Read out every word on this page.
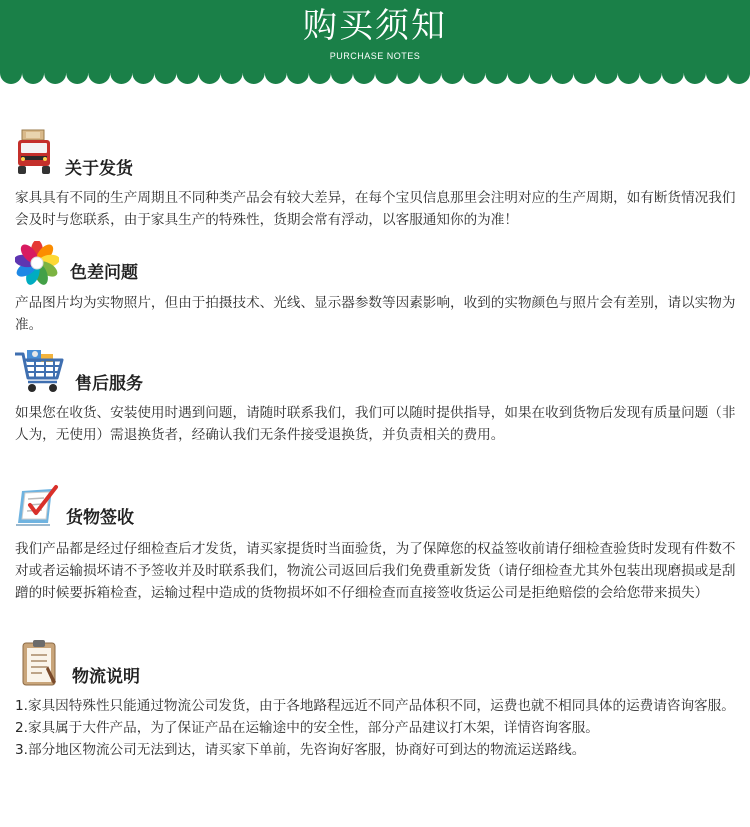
购买须知
PURCHASE NOTES
关于发货

家具具有不同的生产周期且不同种类产品会有较大差异，在每个宝贝信息那里会注明对应的生产周期，如有断货情况我们会及时与您联系，由于家具生产的特殊性，货期会常有浮动，以客服通知你的为准！

色差问题

产品图片均为实物照片，但由于拍摄技术、光线、显示器参数等因素影响，收到的实物颜色与照片会有差别，请以实物为准。

售后服务

如果您在收货、安装使用时遇到问题，请随时联系我们，我们可以随时提供指导，如果在收到货物后发现有质量问题（非人为，无使用）需退换货者，经确认我们无条件接受退换货，并负责相关的费用。

货物签收

我们产品都是经过仔细检查后才发货，请买家提货时当面验货，为了保障您的权益签收前请仔细检查验货时发现有件数不对或者运输损坏请不予签收并及时联系我们，物流公司返回后我们免费重新发货（请仔细检查尤其外包装出现磨损或是刮蹭的时候要拆箱检查，运输过程中造成的货物损坏如不仔细检查而直接签收货运公司是拒绝赔偿的会给您带来损失）

物流说明

1.家具因特殊性只能通过物流公司发货，由于各地路程远近不同产品体积不同，运费也就不相同具体的运费请咨询客服。

2.家具属于大件产品，为了保证产品在运输途中的安全性，部分产品建议打木架，详情咨询客服。

3.部分地区物流公司无法到达，请买家下单前，先咨询好客服，协商好可到达的物流运送路线。
